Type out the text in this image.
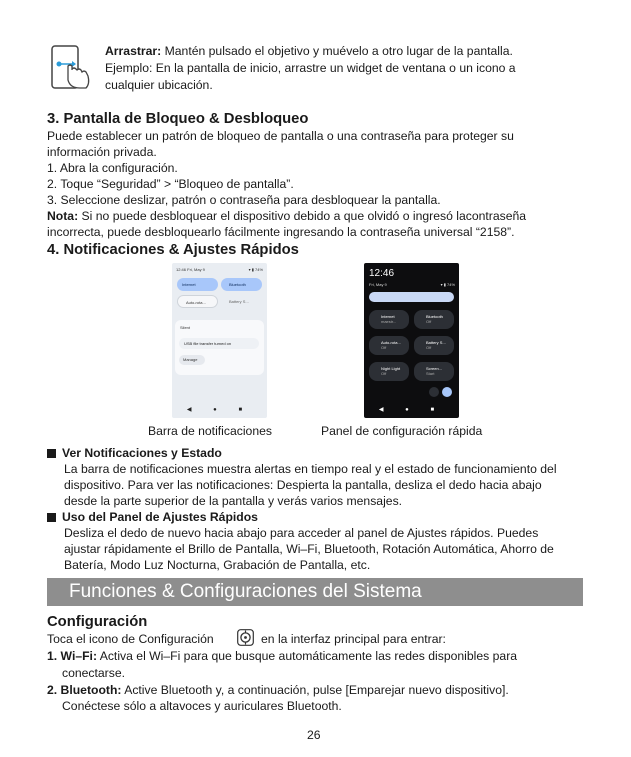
Arrastrar: Mantén pulsado el objetivo y muévelo a otro lugar de la pantalla.
Ejemplo: En la pantalla de inicio, arrastre un widget de ventana o un icono a
cualquier ubicación.
3. Pantalla de Bloqueo & Desbloqueo
Puede establecer un patrón de bloqueo de pantalla o una contraseña para proteger su
información privada.
1. Abra la configuración.
2. Toque “Seguridad” > “Bloqueo de pantalla”.
3. Seleccione deslizar, patrón o contraseña para desbloquear la pantalla.
Nota: Si no puede desbloquear el dispositivo debido a que olvidó o ingresó lacontraseña
incorrecta, puede desbloquearlo fácilmente ingresando la contraseña universal “2158”.
4. Notificaciones & Ajustes Rápidos
12:46 Fri, May 9	▾ ▮ 74%
Internet	Bluetooth
Auto-rota...	Battery S...
Silent
USB file transfer turned on
Manage
◀ ● ■
12:46
Fri, May 9	▾ ▮ 74%
Internet
maestr...
Bluetooth
Off
Auto-rota...
Off
Battery S...
Off
Night Light
Off
Screen...
Start
◀ ● ■
Barra de notificaciones	Panel de configuración rápida
Ver Notificaciones y Estado
La barra de notificaciones muestra alertas en tiempo real y el estado de funcionamiento del
dispositivo. Para ver las notificaciones: Despierta la pantalla, desliza el dedo hacia abajo
desde la parte superior de la pantalla y verás varios mensajes.
Uso del Panel de Ajustes Rápidos
Desliza el dedo de nuevo hacia abajo para acceder al panel de Ajustes rápidos. Puedes
ajustar rápidamente el Brillo de Pantalla, Wi–Fi, Bluetooth, Rotación Automática, Ahorro de
Batería, Modo Luz Nocturna, Grabación de Pantalla, etc.
Funciones & Configuraciones del Sistema
Configuración
Toca el icono de Configuración	en la interfaz principal para entrar:
1. Wi–Fi: Activa el Wi–Fi para que busque automáticamente las redes disponibles para
conectarse.
2. Bluetooth: Active Bluetooth y, a continuación, pulse [Emparejar nuevo dispositivo].
Conéctese sólo a altavoces y auriculares Bluetooth.
26
